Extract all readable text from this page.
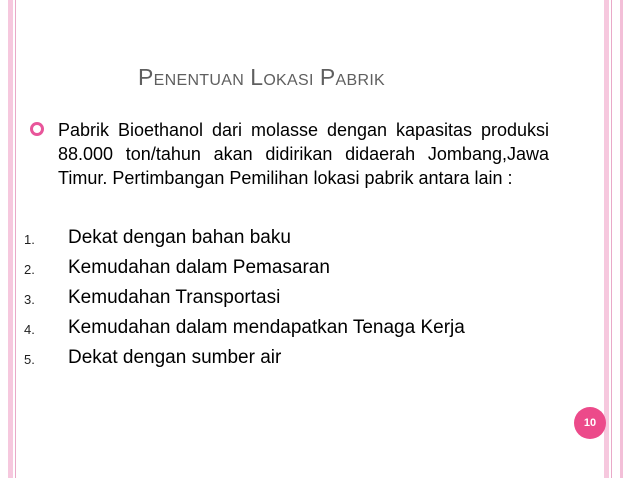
PENENTUAN LOKASI PABRIK
Pabrik Bioethanol dari molasse dengan kapasitas produksi 88.000 ton/tahun akan didirikan didaerah Jombang,Jawa Timur. Pertimbangan Pemilihan lokasi pabrik antara lain :
1.	Dekat dengan bahan baku
2.	Kemudahan dalam Pemasaran
3.	Kemudahan Transportasi
4.	Kemudahan dalam mendapatkan Tenaga Kerja
5.	Dekat dengan sumber air
10
